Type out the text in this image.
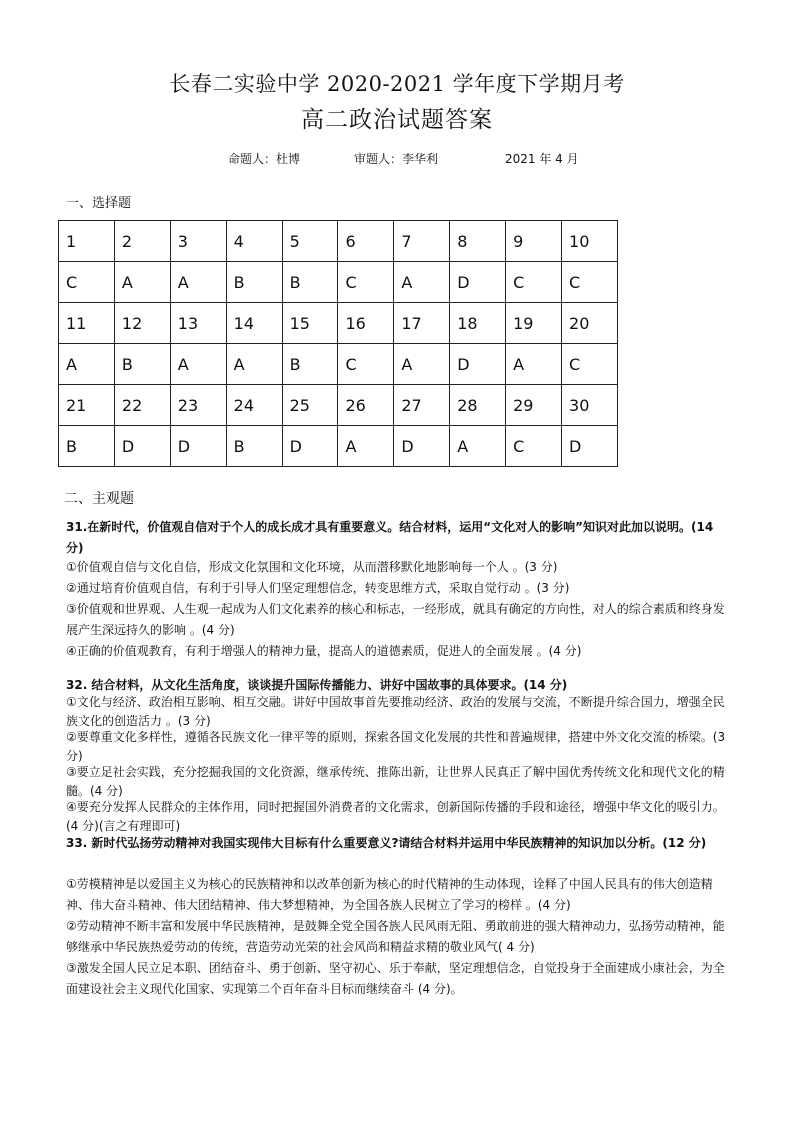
长春二实验中学 2020-2021 学年度下学期月考
高二政治试题答案
命题人：杜博	审题人：李华利	2021 年 4 月
一、选择题
1	2	3	4	5	6	7	8	9	10
C	A	A	B	B	C	A	D	C	C
11	12	13	14	15	16	17	18	19	20
A	B	A	A	B	C	A	D	A	C
21	22	23	24	25	26	27	28	29	30
B	D	D	B	D	A	D	A	C	D
二、主观题
31.在新时代，价值观自信对于个人的成长成才具有重要意义。结合材料，运用“文化对人的影响”知识对此加以说明。(14 分)
①价值观自信与文化自信，形成文化氛围和文化环境，从而潜移默化地影响每一个人 。(3 分)
②通过培育价值观自信，有利于引导人们坚定理想信念，转变思维方式，采取自觉行动 。(3 分)
③价值观和世界观、人生观一起成为人们文化素养的核心和标志，一经形成，就具有确定的方向性，对人的综合素质和终身发展产生深远持久的影响 。(4 分)
④正确的价值观教育，有利于增强人的精神力量，提高人的道德素质，促进人的全面发展 。(4 分)
32. 结合材料，从文化生活角度，谈谈提升国际传播能力、讲好中国故事的具体要求。(14 分)
①文化与经济、政治相互影响、相互交融。讲好中国故事首先要推动经济、政治的发展与交流，不断提升综合国力，增强全民族文化的创造活力 。(3 分)
②要尊重文化多样性，遵循各民族文化一律平等的原则，探索各国文化发展的共性和普遍规律，搭建中外文化交流的桥梁。(3 分)
③要立足社会实践，充分挖掘我国的文化资源，继承传统、推陈出新，让世界人民真正了解中国优秀传统文化和现代文化的精髓。(4 分)
④要充分发挥人民群众的主体作用，同时把握国外消费者的文化需求，创新国际传播的手段和途径，增强中华文化的吸引力。(4 分)(言之有理即可)
33. 新时代弘扬劳动精神对我国实现伟大目标有什么重要意义?请结合材料并运用中华民族精神的知识加以分析。(12 分)
①劳模精神是以爱国主义为核心的民族精神和以改革创新为核心的时代精神的生动体现，诠释了中国人民具有的伟大创造精神、伟大奋斗精神、伟大团结精神、伟大梦想精神，为全国各族人民树立了学习的榜样 。(4 分)
②劳动精神不断丰富和发展中华民族精神，是鼓舞全党全国各族人民风雨无阻、勇敢前进的强大精神动力，弘扬劳动精神，能够继承中华民族热爱劳动的传统，营造劳动光荣的社会风尚和精益求精的敬业风气( 4 分)
③激发全国人民立足本职、团结奋斗、勇于创新、坚守初心、乐于奉献，坚定理想信念，自觉投身于全面建成小康社会，为全面建设社会主义现代化国家、实现第二个百年奋斗目标而继续奋斗 (4 分)。
